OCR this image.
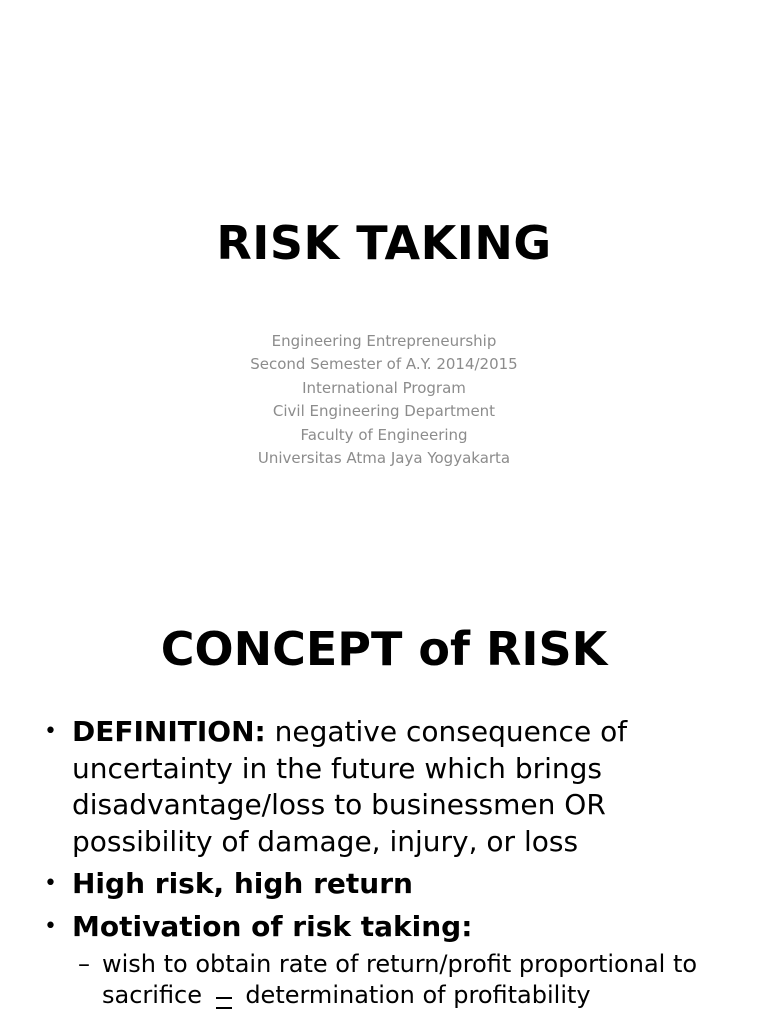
RISK TAKING
Engineering Entrepreneurship
Second Semester of A.Y. 2014/2015
International Program
Civil Engineering Department
Faculty of Engineering
Universitas Atma Jaya Yogyakarta
CONCEPT of RISK
• DEFINITION: negative consequence of uncertainty in the future which brings disadvantage/loss to businessmen OR possibility of damage, injury, or loss
• High risk, high return
• Motivation of risk taking:
– wish to obtain rate of return/profit proportional to sacrifice determination of profitability
